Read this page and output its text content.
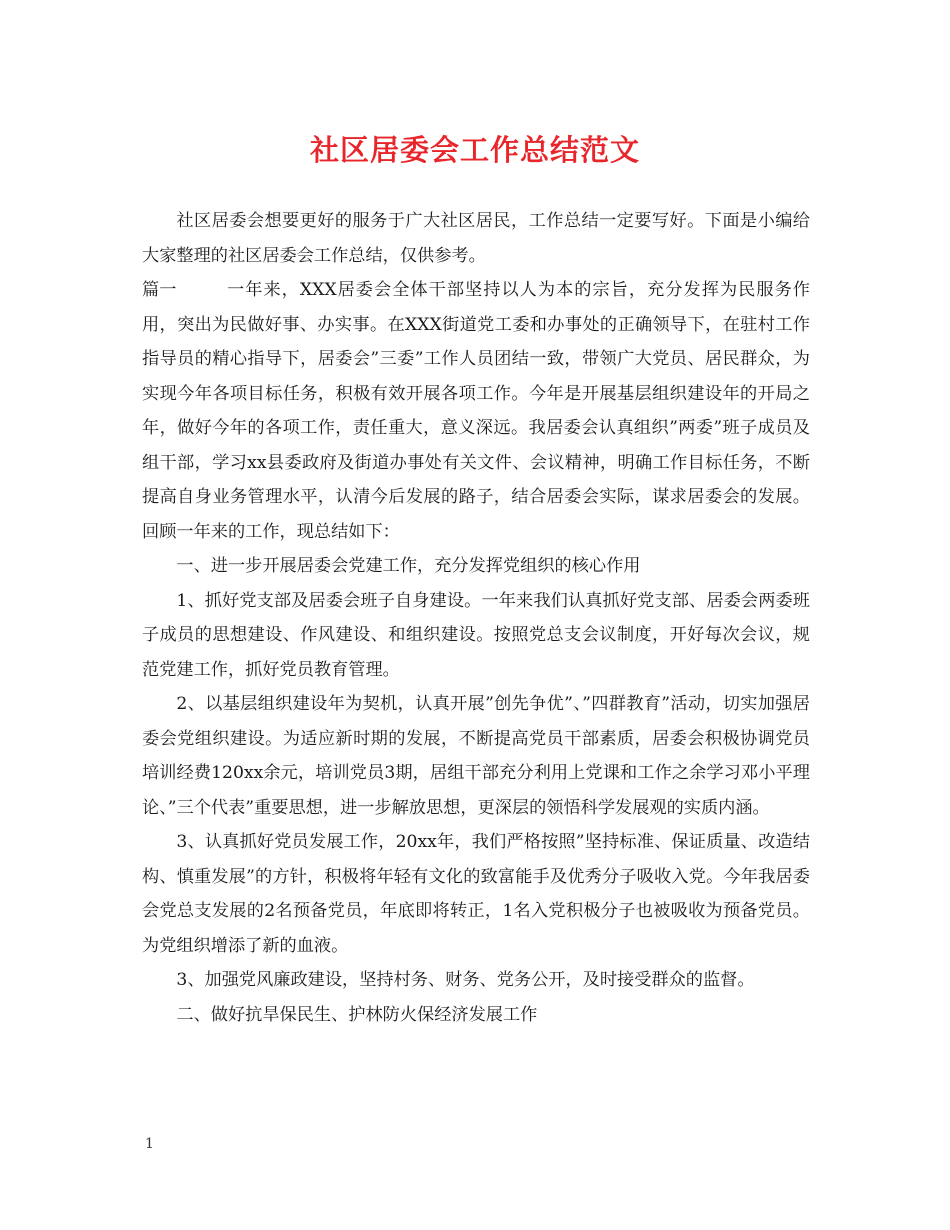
社区居委会工作总结范文

社区居委会想要更好的服务于广大社区居民，工作总结一定要写好。下面是小编给大家整理的社区居委会工作总结，仅供参考。

篇一	一年来，XXX居委会全体干部坚持以人为本的宗旨，充分发挥为民服务作用，突出为民做好事、办实事。在XXX街道党工委和办事处的正确领导下，在驻村工作指导员的精心指导下，居委会”三委”工作人员团结一致，带领广大党员、居民群众，为实现今年各项目标任务，积极有效开展各项工作。今年是开展基层组织建设年的开局之年，做好今年的各项工作，责任重大，意义深远。我居委会认真组织”两委”班子成员及组干部，学习xx县委政府及街道办事处有关文件、会议精神，明确工作目标任务，不断提高自身业务管理水平，认清今后发展的路子，结合居委会实际，谋求居委会的发展。回顾一年来的工作，现总结如下：

一、进一步开展居委会党建工作，充分发挥党组织的核心作用

1、抓好党支部及居委会班子自身建设。一年来我们认真抓好党支部、居委会两委班子成员的思想建设、作风建设、和组织建设。按照党总支会议制度，开好每次会议，规范党建工作，抓好党员教育管理。

2、以基层组织建设年为契机，认真开展”创先争优”、”四群教育”活动，切实加强居委会党组织建设。为适应新时期的发展，不断提高党员干部素质，居委会积极协调党员培训经费120xx余元，培训党员3期，居组干部充分利用上党课和工作之余学习邓小平理论、”三个代表”重要思想，进一步解放思想，更深层的领悟科学发展观的实质内涵。

3、认真抓好党员发展工作，20xx年，我们严格按照”坚持标准、保证质量、改造结构、慎重发展”的方针，积极将年轻有文化的致富能手及优秀分子吸收入党。今年我居委会党总支发展的2名预备党员，年底即将转正，1名入党积极分子也被吸收为预备党员。为党组织增添了新的血液。

3、加强党风廉政建设，坚持村务、财务、党务公开，及时接受群众的监督。

二、做好抗旱保民生、护林防火保经济发展工作

1
